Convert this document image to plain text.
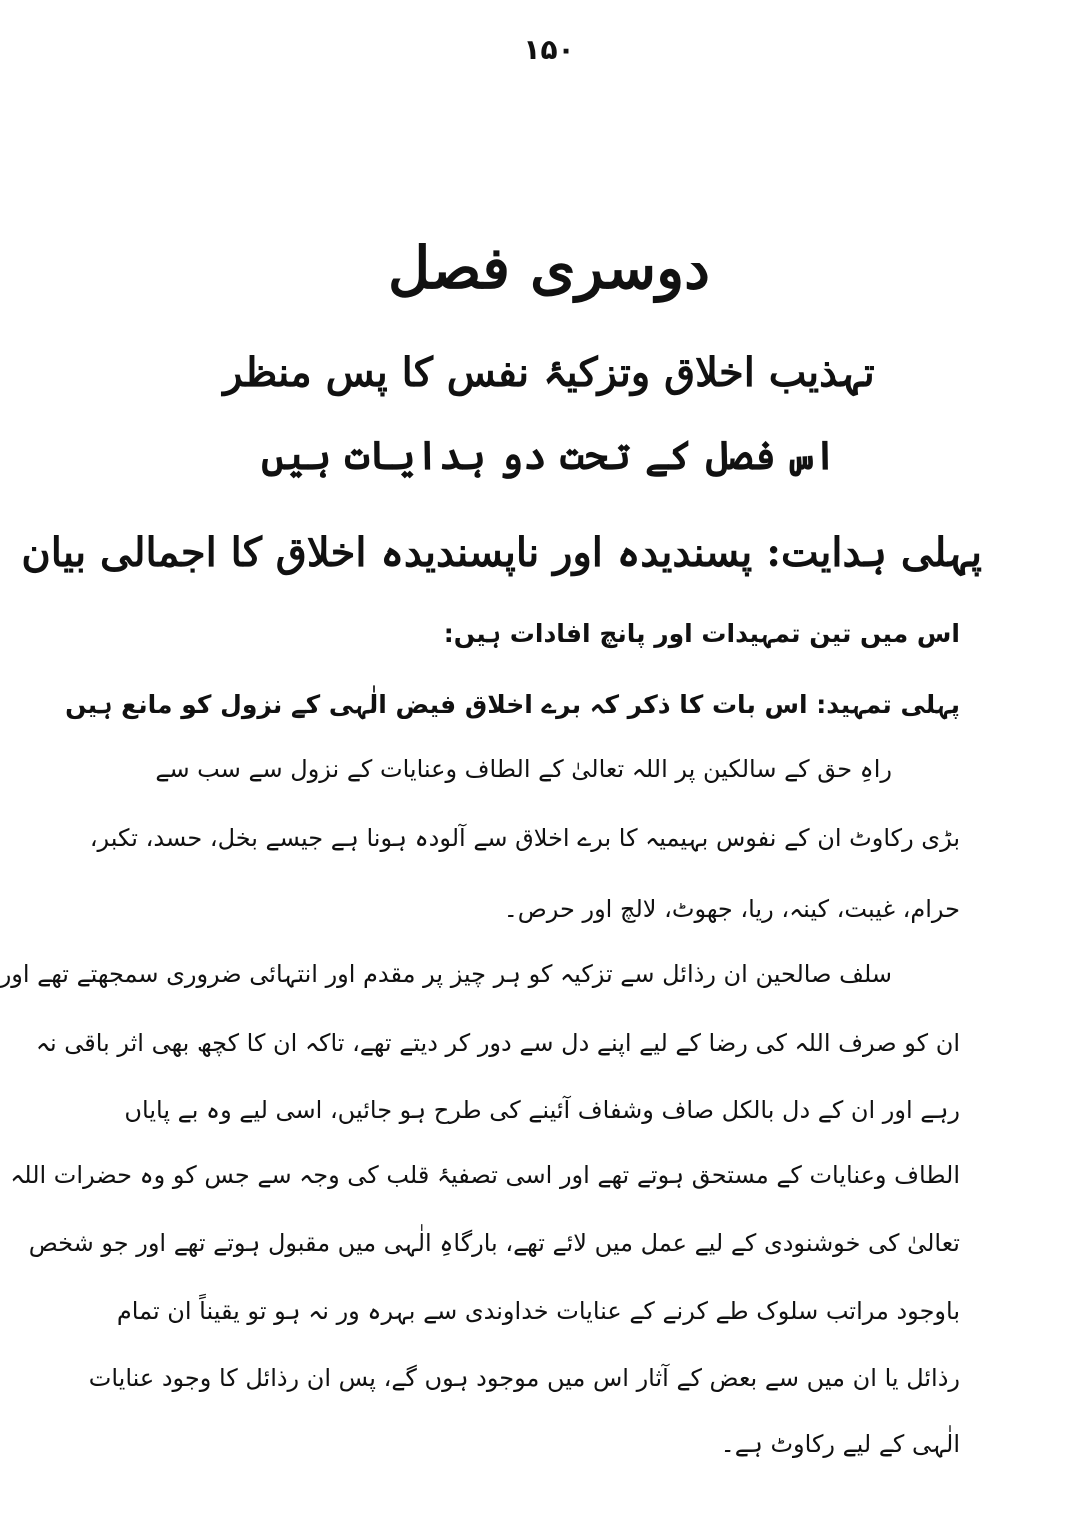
۱۵۰
دوسری فصل
تہذیب اخلاق وتزکیۂ نفس کا پس منظر
اس فصل کے تحت دو ہدایات ہیں
پہلی ہدایت: پسندیدہ اور ناپسندیدہ اخلاق کا اجمالی بیان
اس میں تین تمہیدات اور پانچ افادات ہیں:
پہلی تمہید: اس بات کا ذکر کہ برے اخلاق فیض الٰہی کے نزول کو مانع ہیں
راہِ حق کے سالکین پر اللہ تعالیٰ کے الطاف وعنایات کے نزول سے سب سے
بڑی رکاوٹ ان کے نفوس بہیمیہ کا برے اخلاق سے آلودہ ہونا ہے جیسے بخل، حسد، تکبر،
حرام، غیبت، کینہ، ریا، جھوٹ، لالچ اور حرص۔
سلف صالحین ان رذائل سے تزکیہ کو ہر چیز پر مقدم اور انتہائی ضروری سمجھتے تھے اور
ان کو صرف اللہ کی رضا کے لیے اپنے دل سے دور کر دیتے تھے، تاکہ ان کا کچھ بھی اثر باقی نہ
رہے اور ان کے دل بالکل صاف وشفاف آئینے کی طرح ہو جائیں، اسی لیے وہ بے پایاں
الطاف وعنایات کے مستحق ہوتے تھے اور اسی تصفیۂ قلب کی وجہ سے جس کو وہ حضرات اللہ
تعالیٰ کی خوشنودی کے لیے عمل میں لائے تھے، بارگاہِ الٰہی میں مقبول ہوتے تھے اور جو شخص
باوجود مراتب سلوک طے کرنے کے عنایات خداوندی سے بہرہ ور نہ ہو تو یقیناً ان تمام
رذائل یا ان میں سے بعض کے آثار اس میں موجود ہوں گے، پس ان رذائل کا وجود عنایات
الٰہی کے لیے رکاوٹ ہے۔
